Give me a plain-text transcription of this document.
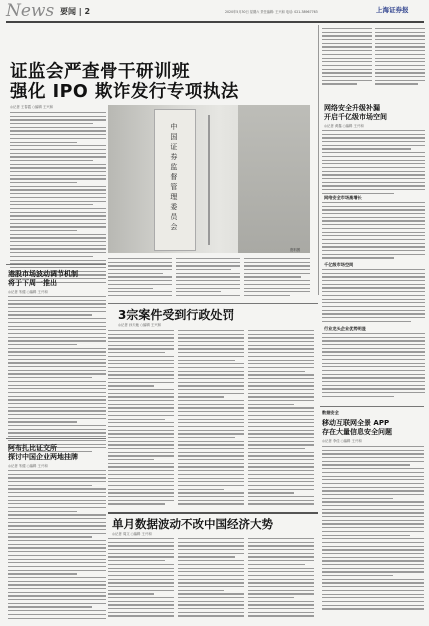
News 要闻 | 2	2020年5月30日 星期六 责任编辑: 王兴和 电话: 021-38967763	上海证券报
证监会严查骨干研训班
强化 IPO 欺诈发行专项执法
◎记者 王春霞 ○编辑 王兴和
中国证券监督管理委员会
资料图
网络安全升级补漏
开启千亿级市场空间
◎记者 黄鑫 ○编辑 王兴和
网络安全市场高增长
千亿级市场空间
行业龙头企业优势明显
港股市场波动调节机制
将于下周一推出
◎记者 朱健 ○编辑 王兴和
阿布扎比证交所
探讨中国企业两地挂牌
◎记者 朱健 ○编辑 王兴和
3宗案件受到行政处罚
◎记者 孙天驰 ○编辑 王兴和
单月数据波动不改中国经济大势
◎记者 周文 ○编辑 王兴和
数据安全
移动互联网全景 APP
存在大量信息安全问题
◎记者 李佳 ○编辑 王兴和
